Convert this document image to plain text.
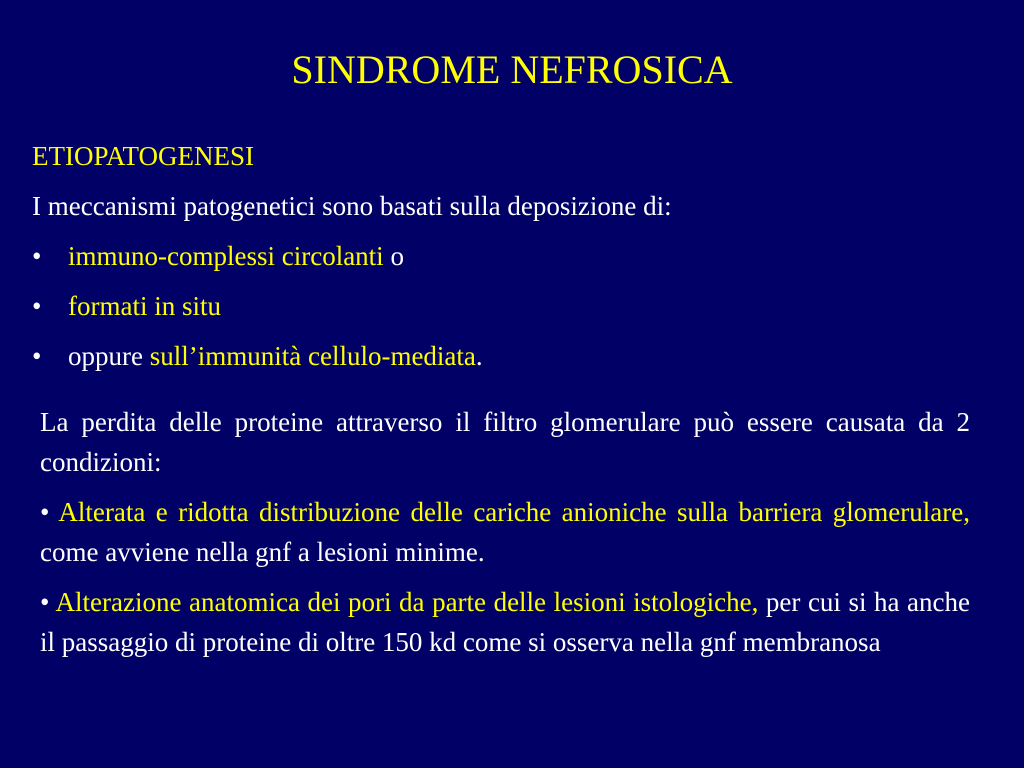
SINDROME NEFROSICA
ETIOPATOGENESI
I meccanismi patogenetici sono basati sulla deposizione di:
• immuno-complessi circolanti o
• formati in situ
• oppure sull’immunità cellulo-mediata.

La perdita delle proteine attraverso il filtro glomerulare può essere causata da 2 condizioni:

• Alterata e ridotta distribuzione delle cariche anioniche sulla barriera glomerulare, come avviene nella gnf a lesioni minime.

• Alterazione anatomica dei pori da parte delle lesioni istologiche, per cui si ha anche il passaggio di proteine di oltre 150 kd come si osserva nella gnf membranosa
